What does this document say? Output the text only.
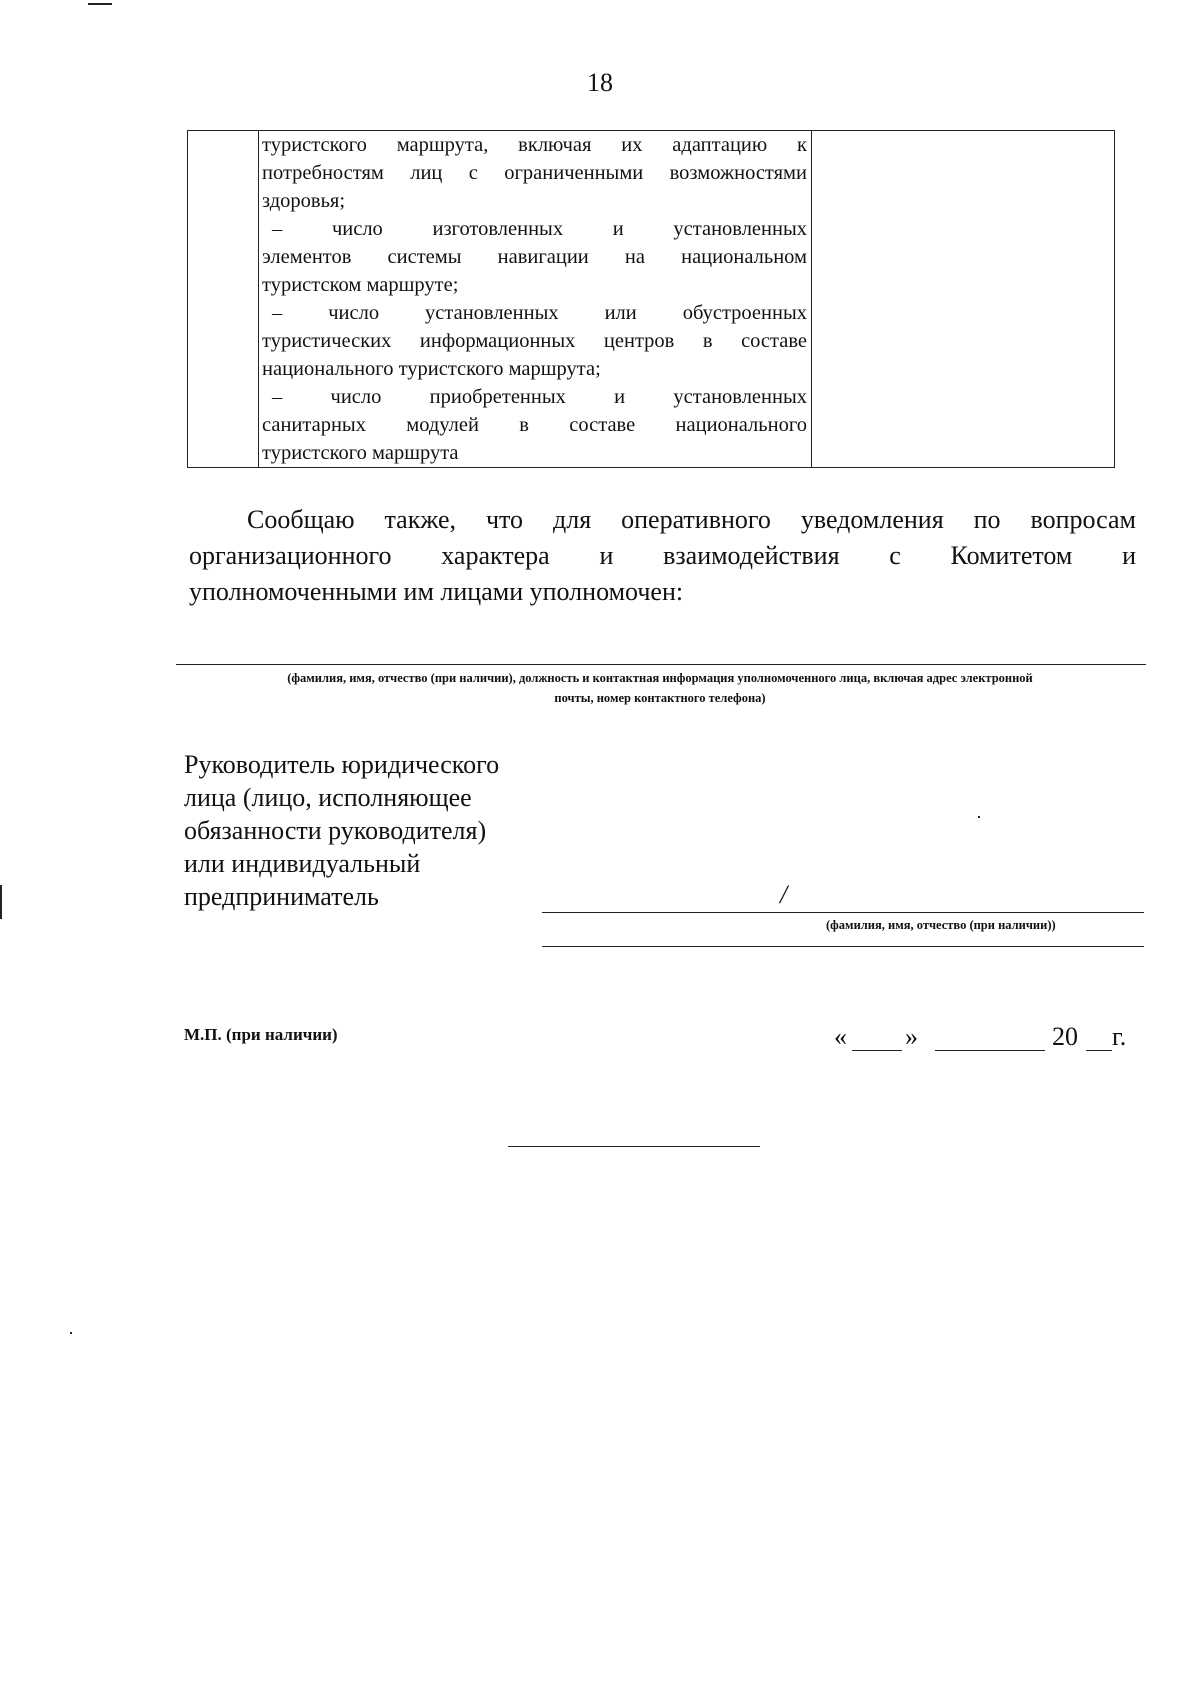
18

туристского маршрута, включая их адаптацию к
потребностям лиц с ограниченными возможностями
здоровья;
– число изготовленных и установленных
элементов системы навигации на национальном
туристском маршруте;
– число установленных или обустроенных
туристических информационных центров в составе
национального туристского маршрута;
– число приобретенных и установленных
санитарных модулей в составе национального
туристского маршрута

Сообщаю также, что для оперативного уведомления по вопросам
организационного характера и взаимодействия с Комитетом и
уполномоченными им лицами уполномочен:

(фамилия, имя, отчество (при наличии), должность и контактная информация уполномоченного лица, включая адрес электронной
почты, номер контактного телефона)
Руководитель юридического
лица (лицо, исполняющее
обязанности руководителя)
или индивидуальный
предприниматель	/
(фамилия, имя, отчество (при наличии))
М.П. (при наличии)	« »	20 г.
